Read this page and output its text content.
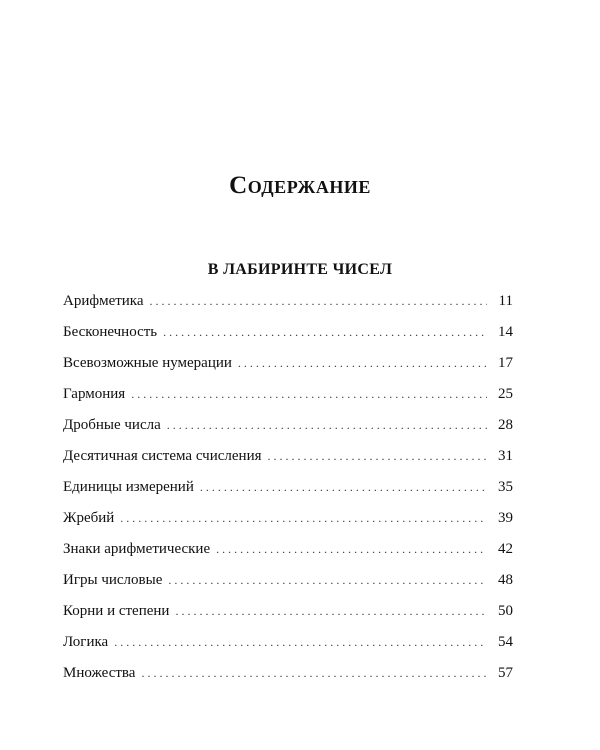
Содержание
В ЛАБИРИНТЕ ЧИСЕЛ
Арифметика . . .	11
Бесконечность . . .	14
Всевозможные нумерации . . .	17
Гармония . . .	25
Дробные числа . . .	28
Десятичная система счисления . . .	31
Единицы измерений . . .	35
Жребий . . .	39
Знаки арифметические . . .	42
Игры числовые . . .	48
Корни и степени . . .	50
Логика . . .	54
Множества . . .	57
